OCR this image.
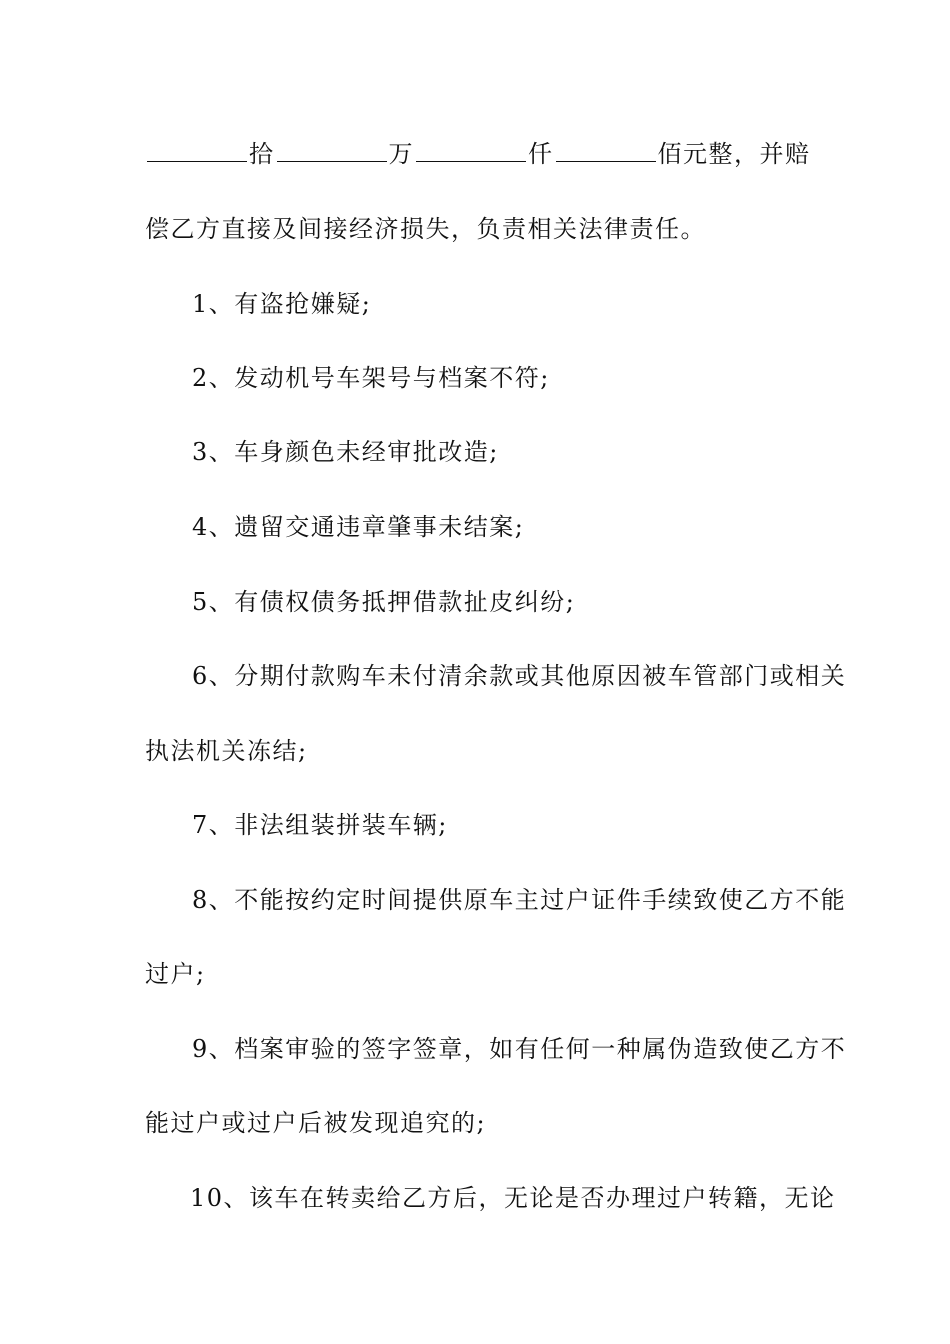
拾	万	仟	佰元整，并赔
偿乙方直接及间接经济损失，负责相关法律责任。
1、有盗抢嫌疑;
2、发动机号车架号与档案不符;
3、车身颜色未经审批改造;
4、遗留交通违章肇事未结案;
5、有债权债务抵押借款扯皮纠纷;
6、分期付款购车未付清余款或其他原因被车管部门或相关
执法机关冻结;
7、非法组装拼装车辆;
8、不能按约定时间提供原车主过户证件手续致使乙方不能
过户;
9、档案审验的签字签章，如有任何一种属伪造致使乙方不
能过户或过户后被发现追究的;
10、该车在转卖给乙方后，无论是否办理过户转籍，无论
